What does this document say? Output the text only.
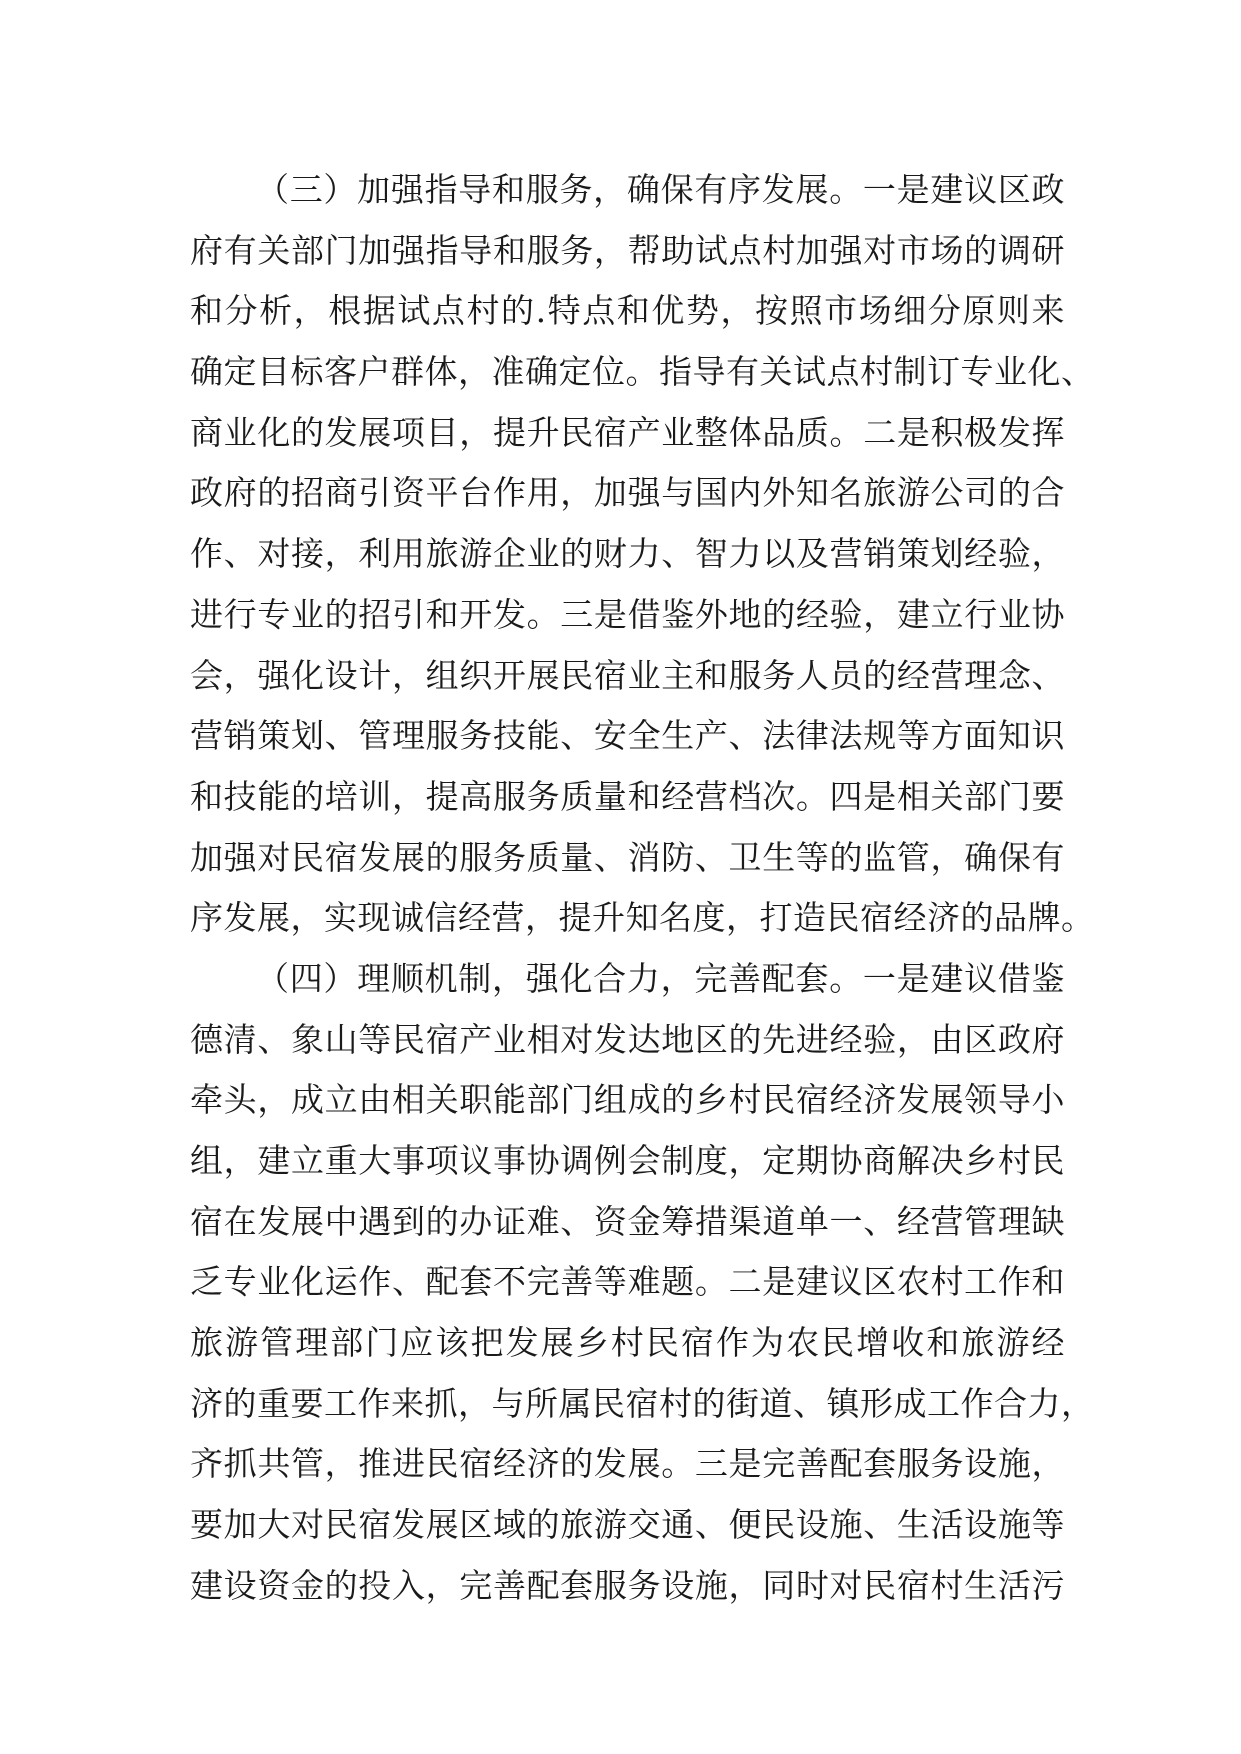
（三）加强指导和服务，确保有序发展。一是建议区政
府有关部门加强指导和服务，帮助试点村加强对市场的调研
和分析，根据试点村的.特点和优势，按照市场细分原则来
确定目标客户群体，准确定位。指导有关试点村制订专业化、
商业化的发展项目，提升民宿产业整体品质。二是积极发挥
政府的招商引资平台作用，加强与国内外知名旅游公司的合
作、对接，利用旅游企业的财力、智力以及营销策划经验，
进行专业的招引和开发。三是借鉴外地的经验，建立行业协
会，强化设计，组织开展民宿业主和服务人员的经营理念、
营销策划、管理服务技能、安全生产、法律法规等方面知识
和技能的培训，提高服务质量和经营档次。四是相关部门要
加强对民宿发展的服务质量、消防、卫生等的监管，确保有
序发展，实现诚信经营，提升知名度，打造民宿经济的品牌。
（四）理顺机制，强化合力，完善配套。一是建议借鉴
德清、象山等民宿产业相对发达地区的先进经验，由区政府
牵头，成立由相关职能部门组成的乡村民宿经济发展领导小
组，建立重大事项议事协调例会制度，定期协商解决乡村民
宿在发展中遇到的办证难、资金筹措渠道单一、经营管理缺
乏专业化运作、配套不完善等难题。二是建议区农村工作和
旅游管理部门应该把发展乡村民宿作为农民增收和旅游经
济的重要工作来抓，与所属民宿村的街道、镇形成工作合力，
齐抓共管，推进民宿经济的发展。三是完善配套服务设施，
要加大对民宿发展区域的旅游交通、便民设施、生活设施等
建设资金的投入，完善配套服务设施，同时对民宿村生活污
